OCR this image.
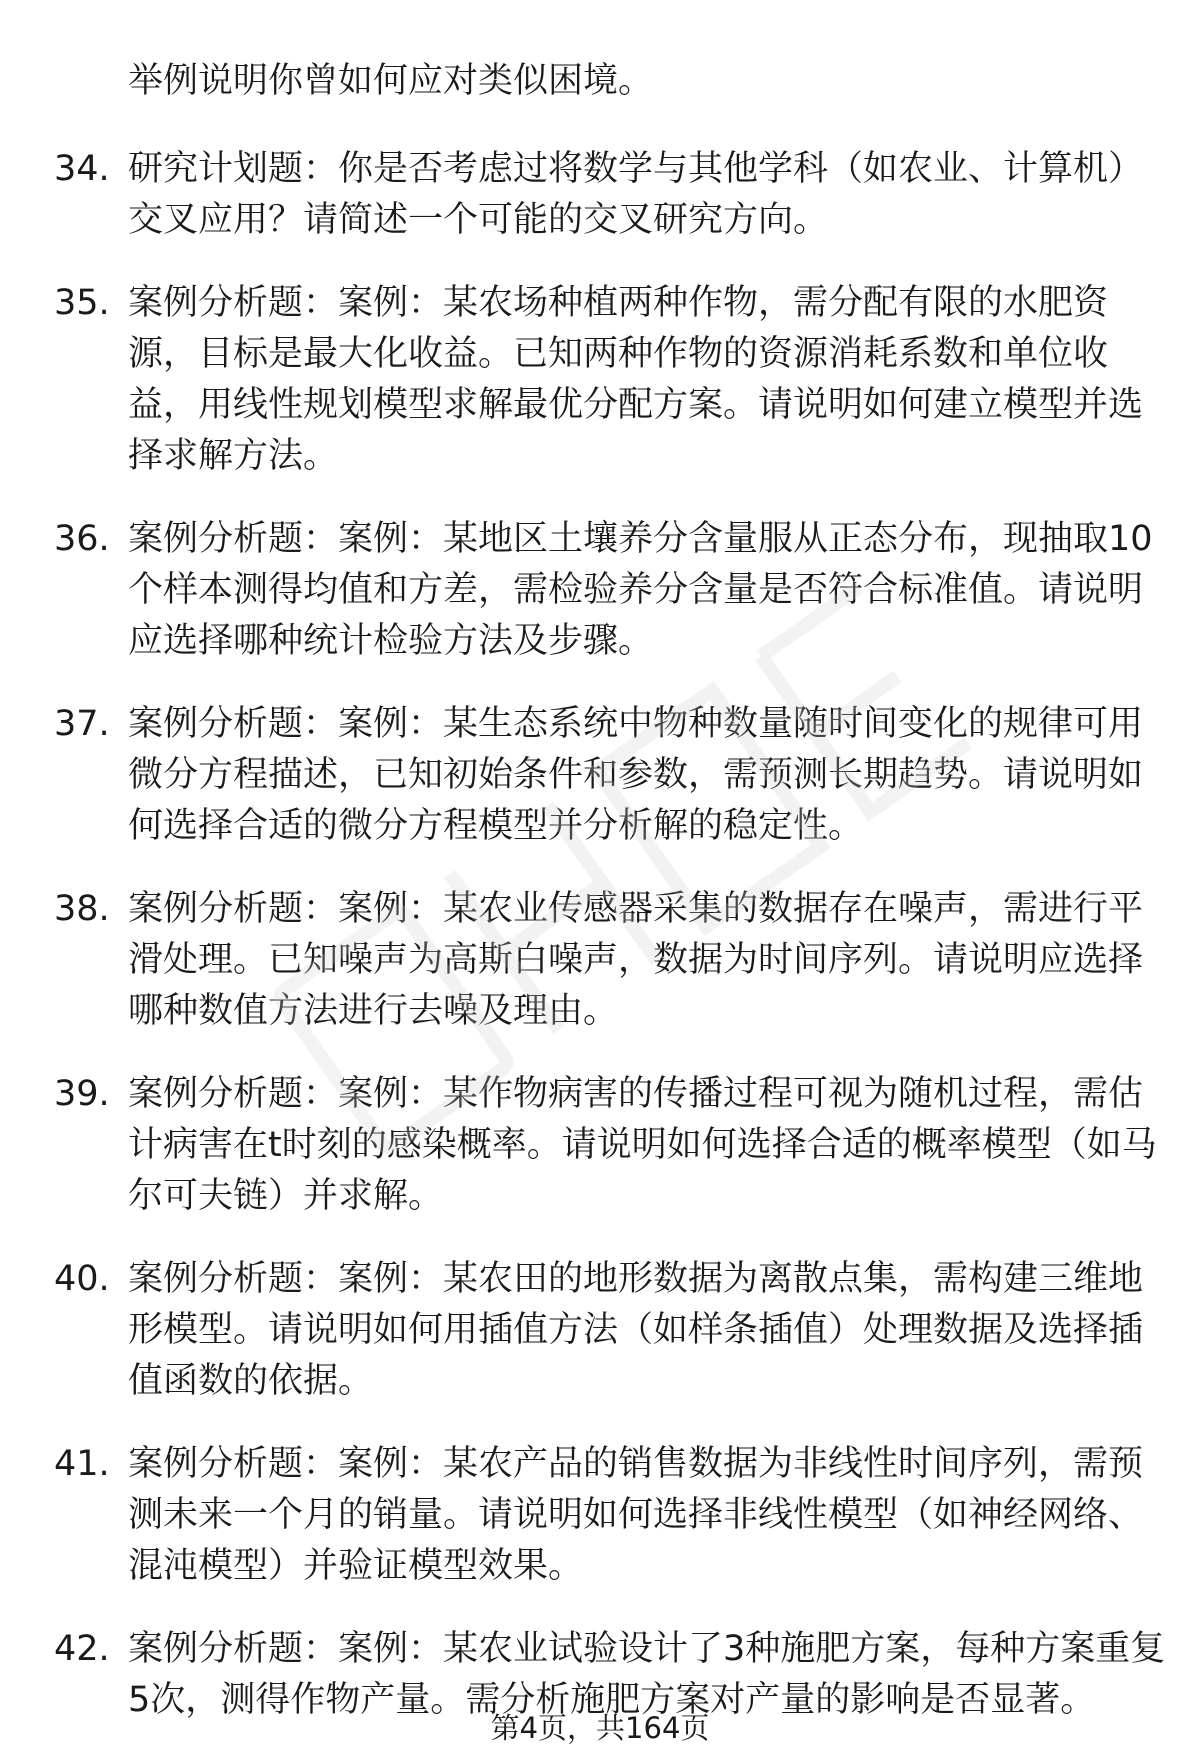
举例说明你曾如何应对类似困境。

34. 研究计划题：你是否考虑过将数学与其他学科（如农业、计算机）交叉应用？请简述一个可能的交叉研究方向。
35. 案例分析题：案例：某农场种植两种作物，需分配有限的水肥资源，目标是最大化收益。已知两种作物的资源消耗系数和单位收益，用线性规划模型求解最优分配方案。请说明如何建立模型并选择求解方法。
36. 案例分析题：案例：某地区土壤养分含量服从正态分布，现抽取10个样本测得均值和方差，需检验养分含量是否符合标准值。请说明应选择哪种统计检验方法及步骤。
37. 案例分析题：案例：某生态系统中物种数量随时间变化的规律可用微分方程描述，已知初始条件和参数，需预测长期趋势。请说明如何选择合适的微分方程模型并分析解的稳定性。
38. 案例分析题：案例：某农业传感器采集的数据存在噪声，需进行平滑处理。已知噪声为高斯白噪声，数据为时间序列。请说明应选择哪种数值方法进行去噪及理由。
39. 案例分析题：案例：某作物病害的传播过程可视为随机过程，需估计病害在t时刻的感染概率。请说明如何选择合适的概率模型（如马尔可夫链）并求解。
40. 案例分析题：案例：某农田的地形数据为离散点集，需构建三维地形模型。请说明如何用插值方法（如样条插值）处理数据及选择插值函数的依据。
41. 案例分析题：案例：某农产品的销售数据为非线性时间序列，需预测未来一个月的销量。请说明如何选择非线性模型（如神经网络、混沌模型）并验证模型效果。
42. 案例分析题：案例：某农业试验设计了3种施肥方案，每种方案重复5次，测得作物产量。需分析施肥方案对产量的影响是否显著。
第4页，共164页
